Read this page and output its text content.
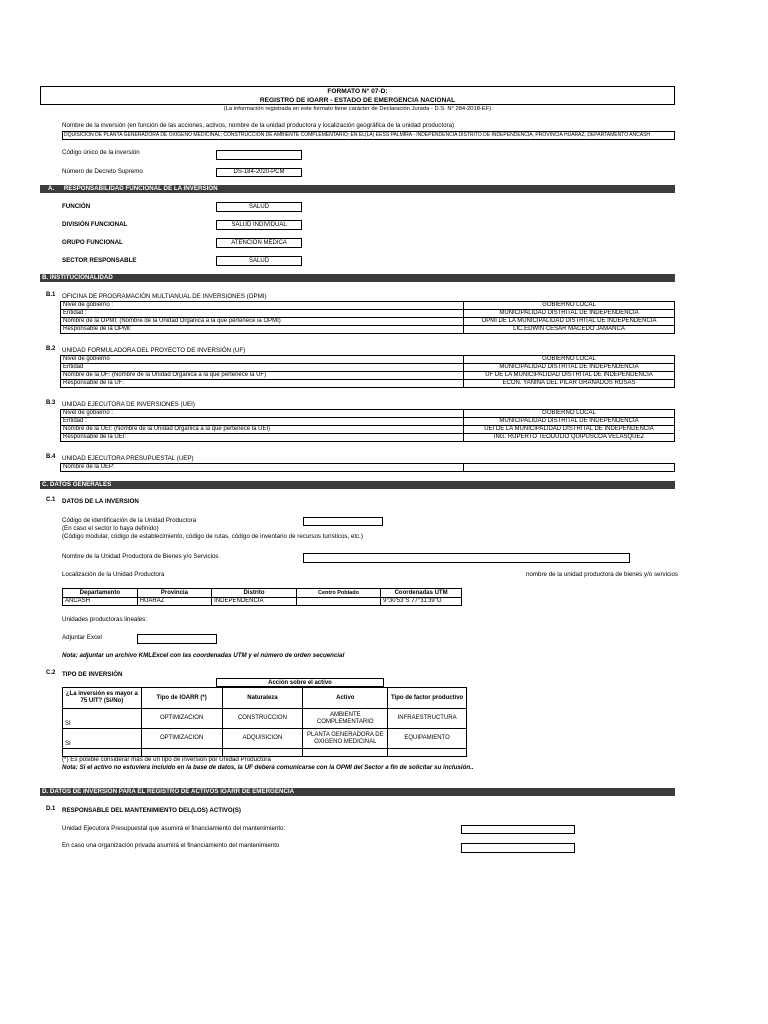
FORMATO N° 07-D:
REGISTRO DE IOARR - ESTADO DE EMERGENCIA NACIONAL
(La información registrada en este formato tiene carácter de Declaración Jurada - D.S. N° 284-2018-EF)
Nombre de la inversión (en función de las acciones, activos, nombre de la unidad productora y localización geográfica de la unidad productora)
DQUISICION DE PLANTA GENERADORA DE OXIGENO MEDICINAL; CONSTRUCCION DE AMBIENTE COMPLEMENTARIO; EN EL(LA) EESS PALMIRA - INDEPENDENCIA DISTRITO DE INDEPENDENCIA, PROVINCIA HUARAZ, DEPARTAMENTO ANCASH
Código único de la inversión
Número de Decreto Supremo	DS-184-2020-PCM
A. RESPONSABILIDAD FUNCIONAL DE LA INVERSION
FUNCIÓN	SALUD
DIVISIÓN FUNCIONAL	SALUD INDIVIDUAL
GRUPO FUNCIONAL	ATENCION MEDICA
SECTOR RESPONSABLE	SALUD
B. INSTITUCIONALIDAD
B.1 OFICINA DE PROGRAMACIÓN MULTIANUAL DE INVERSIONES (OPMI)
Nivel de gobierno :	GOBIERNO LOCAL
Entidad :	MUNICIPALIDAD DISTRITAL DE INDEPENDENCIA
Nombre de la OPMI: (Nombre de la Unidad Orgánica a la que pertenece la OPMI)	OPMI DE LA MUNICIPALIDAD DISTRITAL DE INDEPENDENCIA
Responsable de la OPMI:	LIC.EDWIN CESAR MACEDO JAMANCA
B.2 UNIDAD FORMULADORA DEL PROYECTO DE INVERSIÓN (UF)
Nivel de gobierno	GOBIERNO LOCAL
Entidad	MUNICIPALIDAD DISTRITAL DE INDEPENDENCIA
Nombre de la UF: (Nombre de la Unidad Orgánica a la que pertenece la UF)	UF DE LA MUNICIPALIDAD DISTRITAL DE INDEPENDENCIA
Responsable de la UF:	ECON. YANINA DEL PILAR GRANADOS ROSAS
B.3 UNIDAD EJECUTORA DE INVERSIONES (UEI)
Nivel de gobierno :	GOBIERNO LOCAL
Entidad :	MUNICIPALIDAD DISTRITAL DE INDEPENDENCIA
Nombre de la UEI: (Nombre de la Unidad Orgánica a la que pertenece la UEI)	UEI DE LA MUNICIPALIDAD DISTRITAL DE INDEPENDENCIA
Responsable de la UEI:	ING. RUPERTO TEODULIO QUIPUSCOA VELASQUEZ
B.4 UNIDAD EJECUTORA PRESUPUESTAL (UEP)
Nombre de la UEP:	
C. DATOS GENERALES
C.1 DATOS DE LA INVERSION
Código de identificación de la Unidad Productora
(En caso el sector lo haya definido)
(Código modular, código de establecimiento, código de rutas, código de inventario de recursos turísticos, etc.)
Nombre de la Unidad Productora de Bienes y/o Servicios
Localización de la Unidad Productora	nombre de la unidad productora de bienes y/o servicios
Departamento	Provincia	Distrito	Centro Poblado	Coordenadas UTM
ANCASH	HUARAZ	INDEPENDENCIA		9°30'53"S 77°31'39"O
Unidades productoras lineales:
Adjuntar Excel
Nota: adjuntar un archivo KMLExcel con las coordenadas UTM y el número de orden secuencial
C.2 TIPO DE INVERSIÓN
Acción sobre el activo
¿La inversión es mayor a 75 UIT? (Si/No)	Tipo de IOARR (*)	Naturaleza	Activo	Tipo de factor productivo
SI	OPTIMIZACION	CONSTRUCCION	AMBIENTE COMPLEMENTARIO	INFRAESTRUCTURA
SI	OPTIMIZACION	ADQUISICION	PLANTA GENERADORA DE OXIGENO MEDICINAL	EQUIPAMIENTO

(*) Es posible considerar más de un tipo de inversión por Unidad Productora
Nota: Si el activo no estuviera incluido en la base de datos, la UF deberá comunicarse con la OPMI del Sector a fin de solicitar su inclusión..
D. DATOS DE INVERSION PARA EL REGISTRO DE ACTIVOS IOARR DE EMERGENCIA
D.1 RESPONSABLE DEL MANTENIMIENTO DEL(LOS) ACTIVO(S)
Unidad Ejecutora Presupuestal que asumirá el financiamiento del mantenimiento:
En caso una organización privada asumirá el financiamiento del mantenimiento
